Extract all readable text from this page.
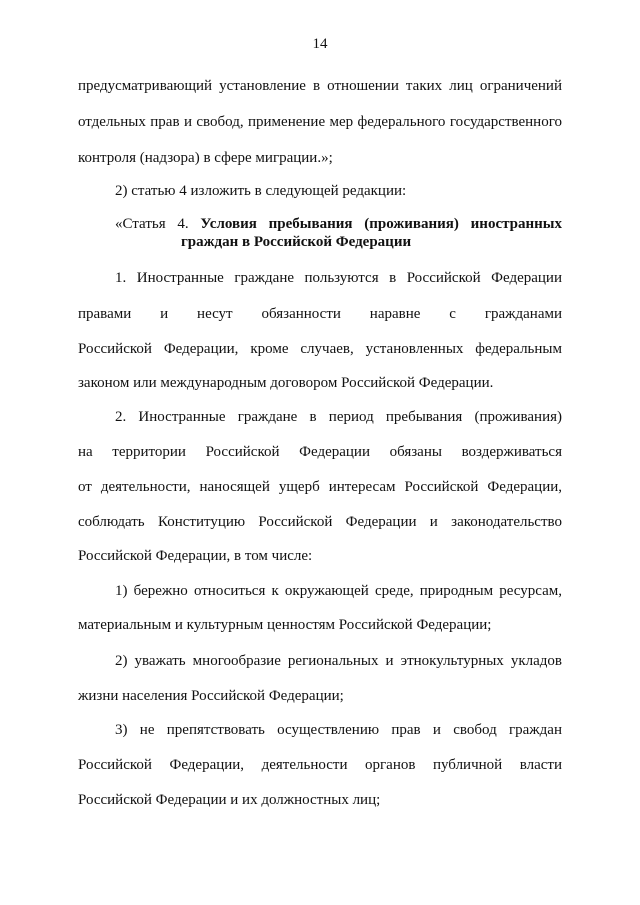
14
предусматривающий установление в отношении таких лиц ограничений
отдельных прав и свобод, применение мер федерального государственного
контроля (надзора) в сфере миграции.»;
2) статью 4 изложить в следующей редакции:
«Статья 4. Условия пребывания (проживания) иностранных
граждан в Российской Федерации
1. Иностранные граждане пользуются в Российской Федерации
правами и несут обязанности наравне с гражданами
Российской Федерации, кроме случаев, установленных федеральным
законом или международным договором Российской Федерации.
2. Иностранные граждане в период пребывания (проживания)
на территории Российской Федерации обязаны воздерживаться
от деятельности, наносящей ущерб интересам Российской Федерации,
соблюдать Конституцию Российской Федерации и законодательство
Российской Федерации, в том числе:
1) бережно относиться к окружающей среде, природным ресурсам,
материальным и культурным ценностям Российской Федерации;
2) уважать многообразие региональных и этнокультурных укладов
жизни населения Российской Федерации;
3) не препятствовать осуществлению прав и свобод граждан
Российской Федерации, деятельности органов публичной власти
Российской Федерации и их должностных лиц;
